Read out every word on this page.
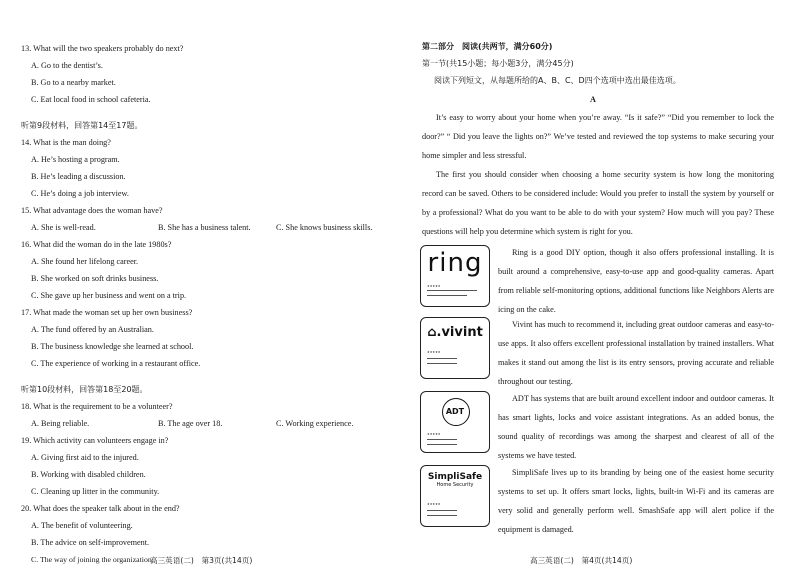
13. What will the two speakers probably do next?
A. Go to the dentist’s.
B. Go to a nearby market.
C. Eat local food in school cafeteria.
听第9段材料，回答第14至17题。
14. What is the man doing?
A. He’s hosting a program.
B. He’s leading a discussion.
C. He’s doing a job interview.
15. What advantage does the woman have?
A. She is well-read.	B. She has a business talent.	C. She knows business skills.
16. What did the woman do in the late 1980s?
A. She found her lifelong career.
B. She worked on soft drinks business.
C. She gave up her business and went on a trip.
17. What made the woman set up her own business?
A. The fund offered by an Australian.
B. The business knowledge she learned at school.
C. The experience of working in a restaurant office.
听第10段材料，回答第18至20题。
18. What is the requirement to be a volunteer?
A. Being reliable.	B. The age over 18.	C. Working experience.
19. Which activity can volunteers engage in?
A. Giving first aid to the injured.
B. Working with disabled children.
C. Cleaning up litter in the community.
20. What does the speaker talk about in the end?
A. The benefit of volunteering.
B. The advice on self-improvement.
C. The way of joining the organization.
高三英语(二)　第3页(共14页)
第二部分　阅读(共两节，满分60分)
第一节(共15小题；每小题3分，满分45分)
阅读下列短文，从每题所给的A、B、C、D四个选项中选出最佳选项。
A
It’s easy to worry about your home when you’re away. “Is it safe?” “Did you remember to lock the door?” “ Did you leave the lights on?” We’ve tested and reviewed the top systems to make securing your home simpler and less stressful.
The first you should consider when choosing a home security system is how long the monitoring record can be saved. Others to be considered include: Would you prefer to install the system by yourself or by a professional? What do you want to be able to do with your system? How much will you pay? These questions will help you determine which system is right for you.
ring
★★★★★
Ring is a good DIY option, though it also offers professional installing. It is built around a comprehensive, easy-to-use app and good-quality cameras. Apart from reliable self-monitoring options, additional functions like Neighbors Alerts are icing on the cake.
⌂.vivint
★★★★★
Vivint has much to recommend it, including great outdoor cameras and easy-to-use apps. It also offers excellent professional installation by trained installers. What makes it stand out among the list is its entry sensors, proving accurate and reliable throughout our testing.
ADT
★★★★★
ADT has systems that are built around excellent indoor and outdoor cameras. It has smart lights, locks and voice assistant integrations. As an added bonus, the sound quality of recordings was among the sharpest and clearest of all of the systems we have tested.
SimpliSafe
Home Security
★★★★★
SimpliSafe lives up to its branding by being one of the easiest home security systems to set up. It offers smart locks, lights, built-in Wi-Fi and its cameras are very solid and generally perform well. SmashSafe app will alert police if the equipment is damaged.
高三英语(二)　第4页(共14页)
